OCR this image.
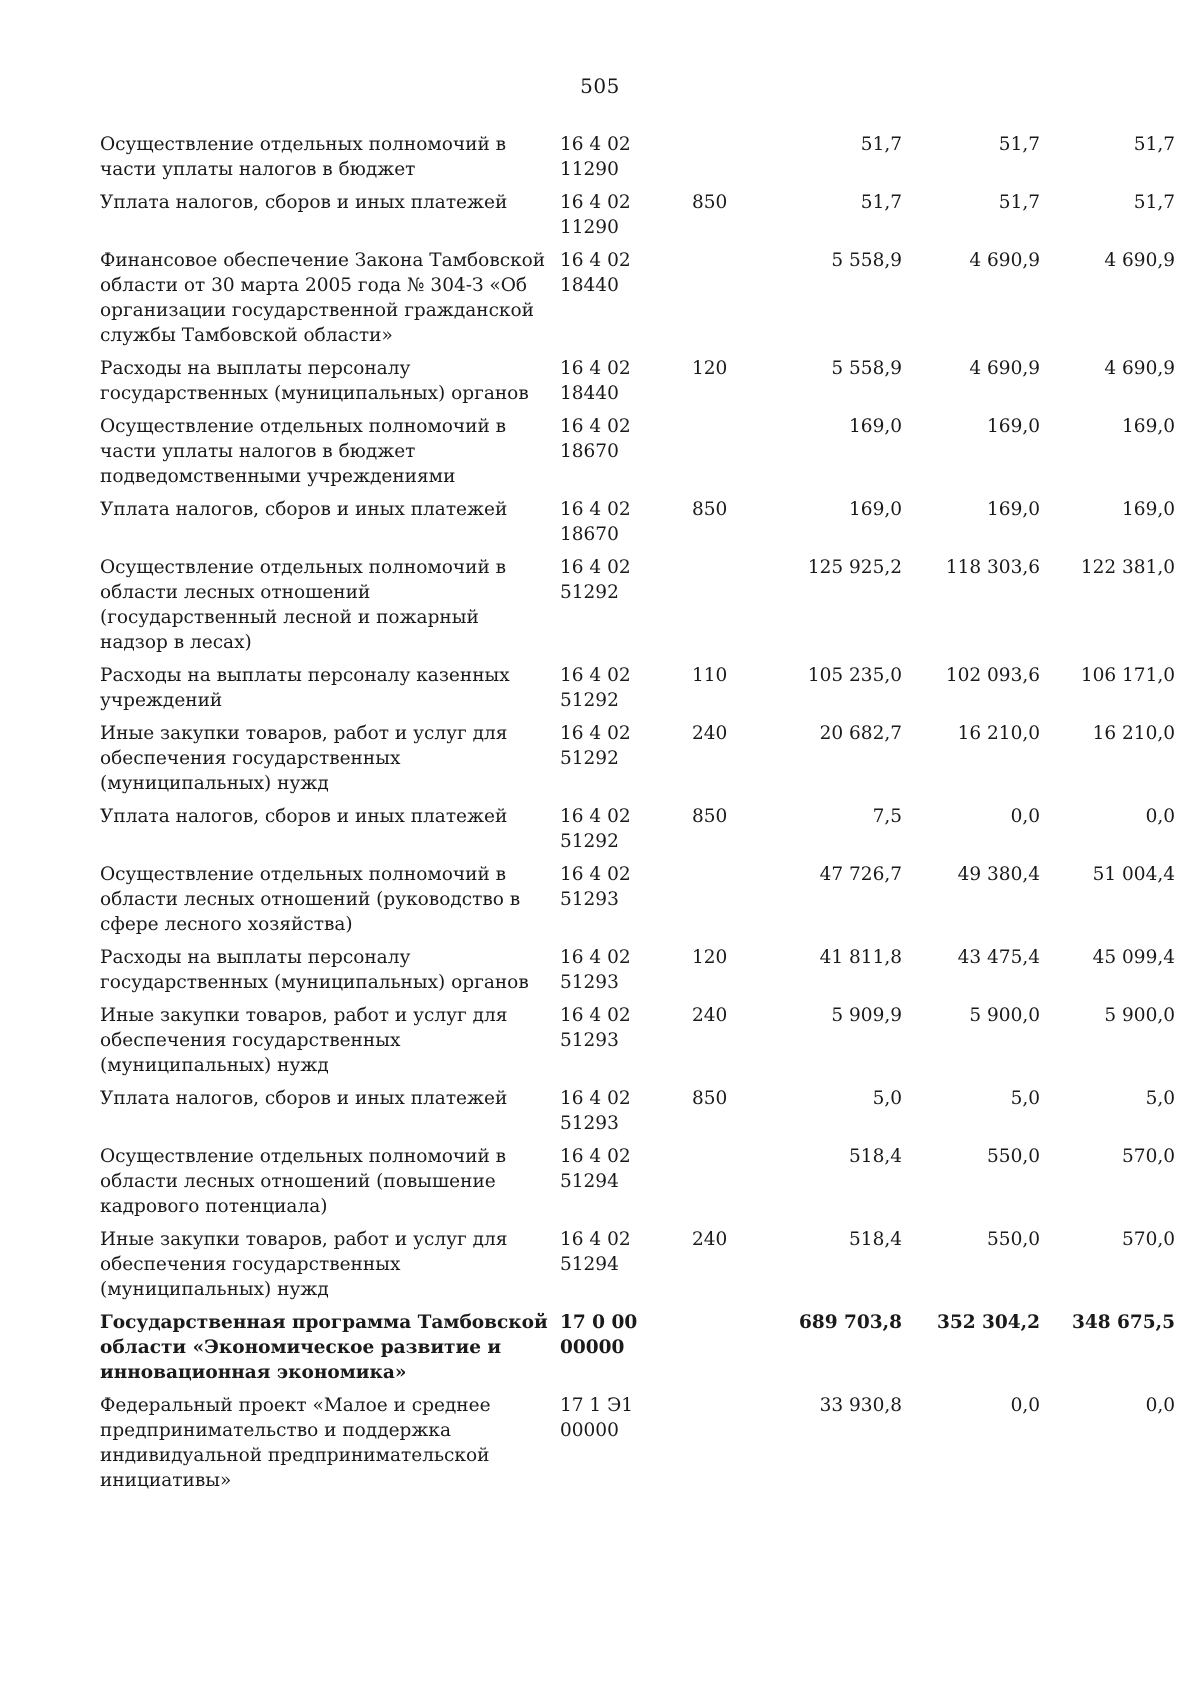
505
Осуществление отдельных полномочий в части уплаты налогов в бюджет	16 4 02 11290		51,7	51,7	51,7
Уплата налогов, сборов и иных платежей	16 4 02 11290	850	51,7	51,7	51,7
Финансовое обеспечение Закона Тамбовской области от 30 марта 2005 года № 304-З «Об организации государственной гражданской службы Тамбовской области»	16 4 02 18440		5 558,9	4 690,9	4 690,9
Расходы на выплаты персоналу государственных (муниципальных) органов	16 4 02 18440	120	5 558,9	4 690,9	4 690,9
Осуществление отдельных полномочий в части уплаты налогов в бюджет подведомственными учреждениями	16 4 02 18670		169,0	169,0	169,0
Уплата налогов, сборов и иных платежей	16 4 02 18670	850	169,0	169,0	169,0
Осуществление отдельных полномочий в области лесных отношений (государственный лесной и пожарный надзор в лесах)	16 4 02 51292		125 925,2	118 303,6	122 381,0
Расходы на выплаты персоналу казенных учреждений	16 4 02 51292	110	105 235,0	102 093,6	106 171,0
Иные закупки товаров, работ и услуг для обеспечения государственных (муниципальных) нужд	16 4 02 51292	240	20 682,7	16 210,0	16 210,0
Уплата налогов, сборов и иных платежей	16 4 02 51292	850	7,5	0,0	0,0
Осуществление отдельных полномочий в области лесных отношений (руководство в сфере лесного хозяйства)	16 4 02 51293		47 726,7	49 380,4	51 004,4
Расходы на выплаты персоналу государственных (муниципальных) органов	16 4 02 51293	120	41 811,8	43 475,4	45 099,4
Иные закупки товаров, работ и услуг для обеспечения государственных (муниципальных) нужд	16 4 02 51293	240	5 909,9	5 900,0	5 900,0
Уплата налогов, сборов и иных платежей	16 4 02 51293	850	5,0	5,0	5,0
Осуществление отдельных полномочий в области лесных отношений (повышение кадрового потенциала)	16 4 02 51294		518,4	550,0	570,0
Иные закупки товаров, работ и услуг для обеспечения государственных (муниципальных) нужд	16 4 02 51294	240	518,4	550,0	570,0
Государственная программа Тамбовской области «Экономическое развитие и инновационная экономика»	17 0 00 00000		689 703,8	352 304,2	348 675,5
Федеральный проект «Малое и среднее предпринимательство и поддержка индивидуальной предпринимательской инициативы»	17 1 Э1 00000		33 930,8	0,0	0,0
